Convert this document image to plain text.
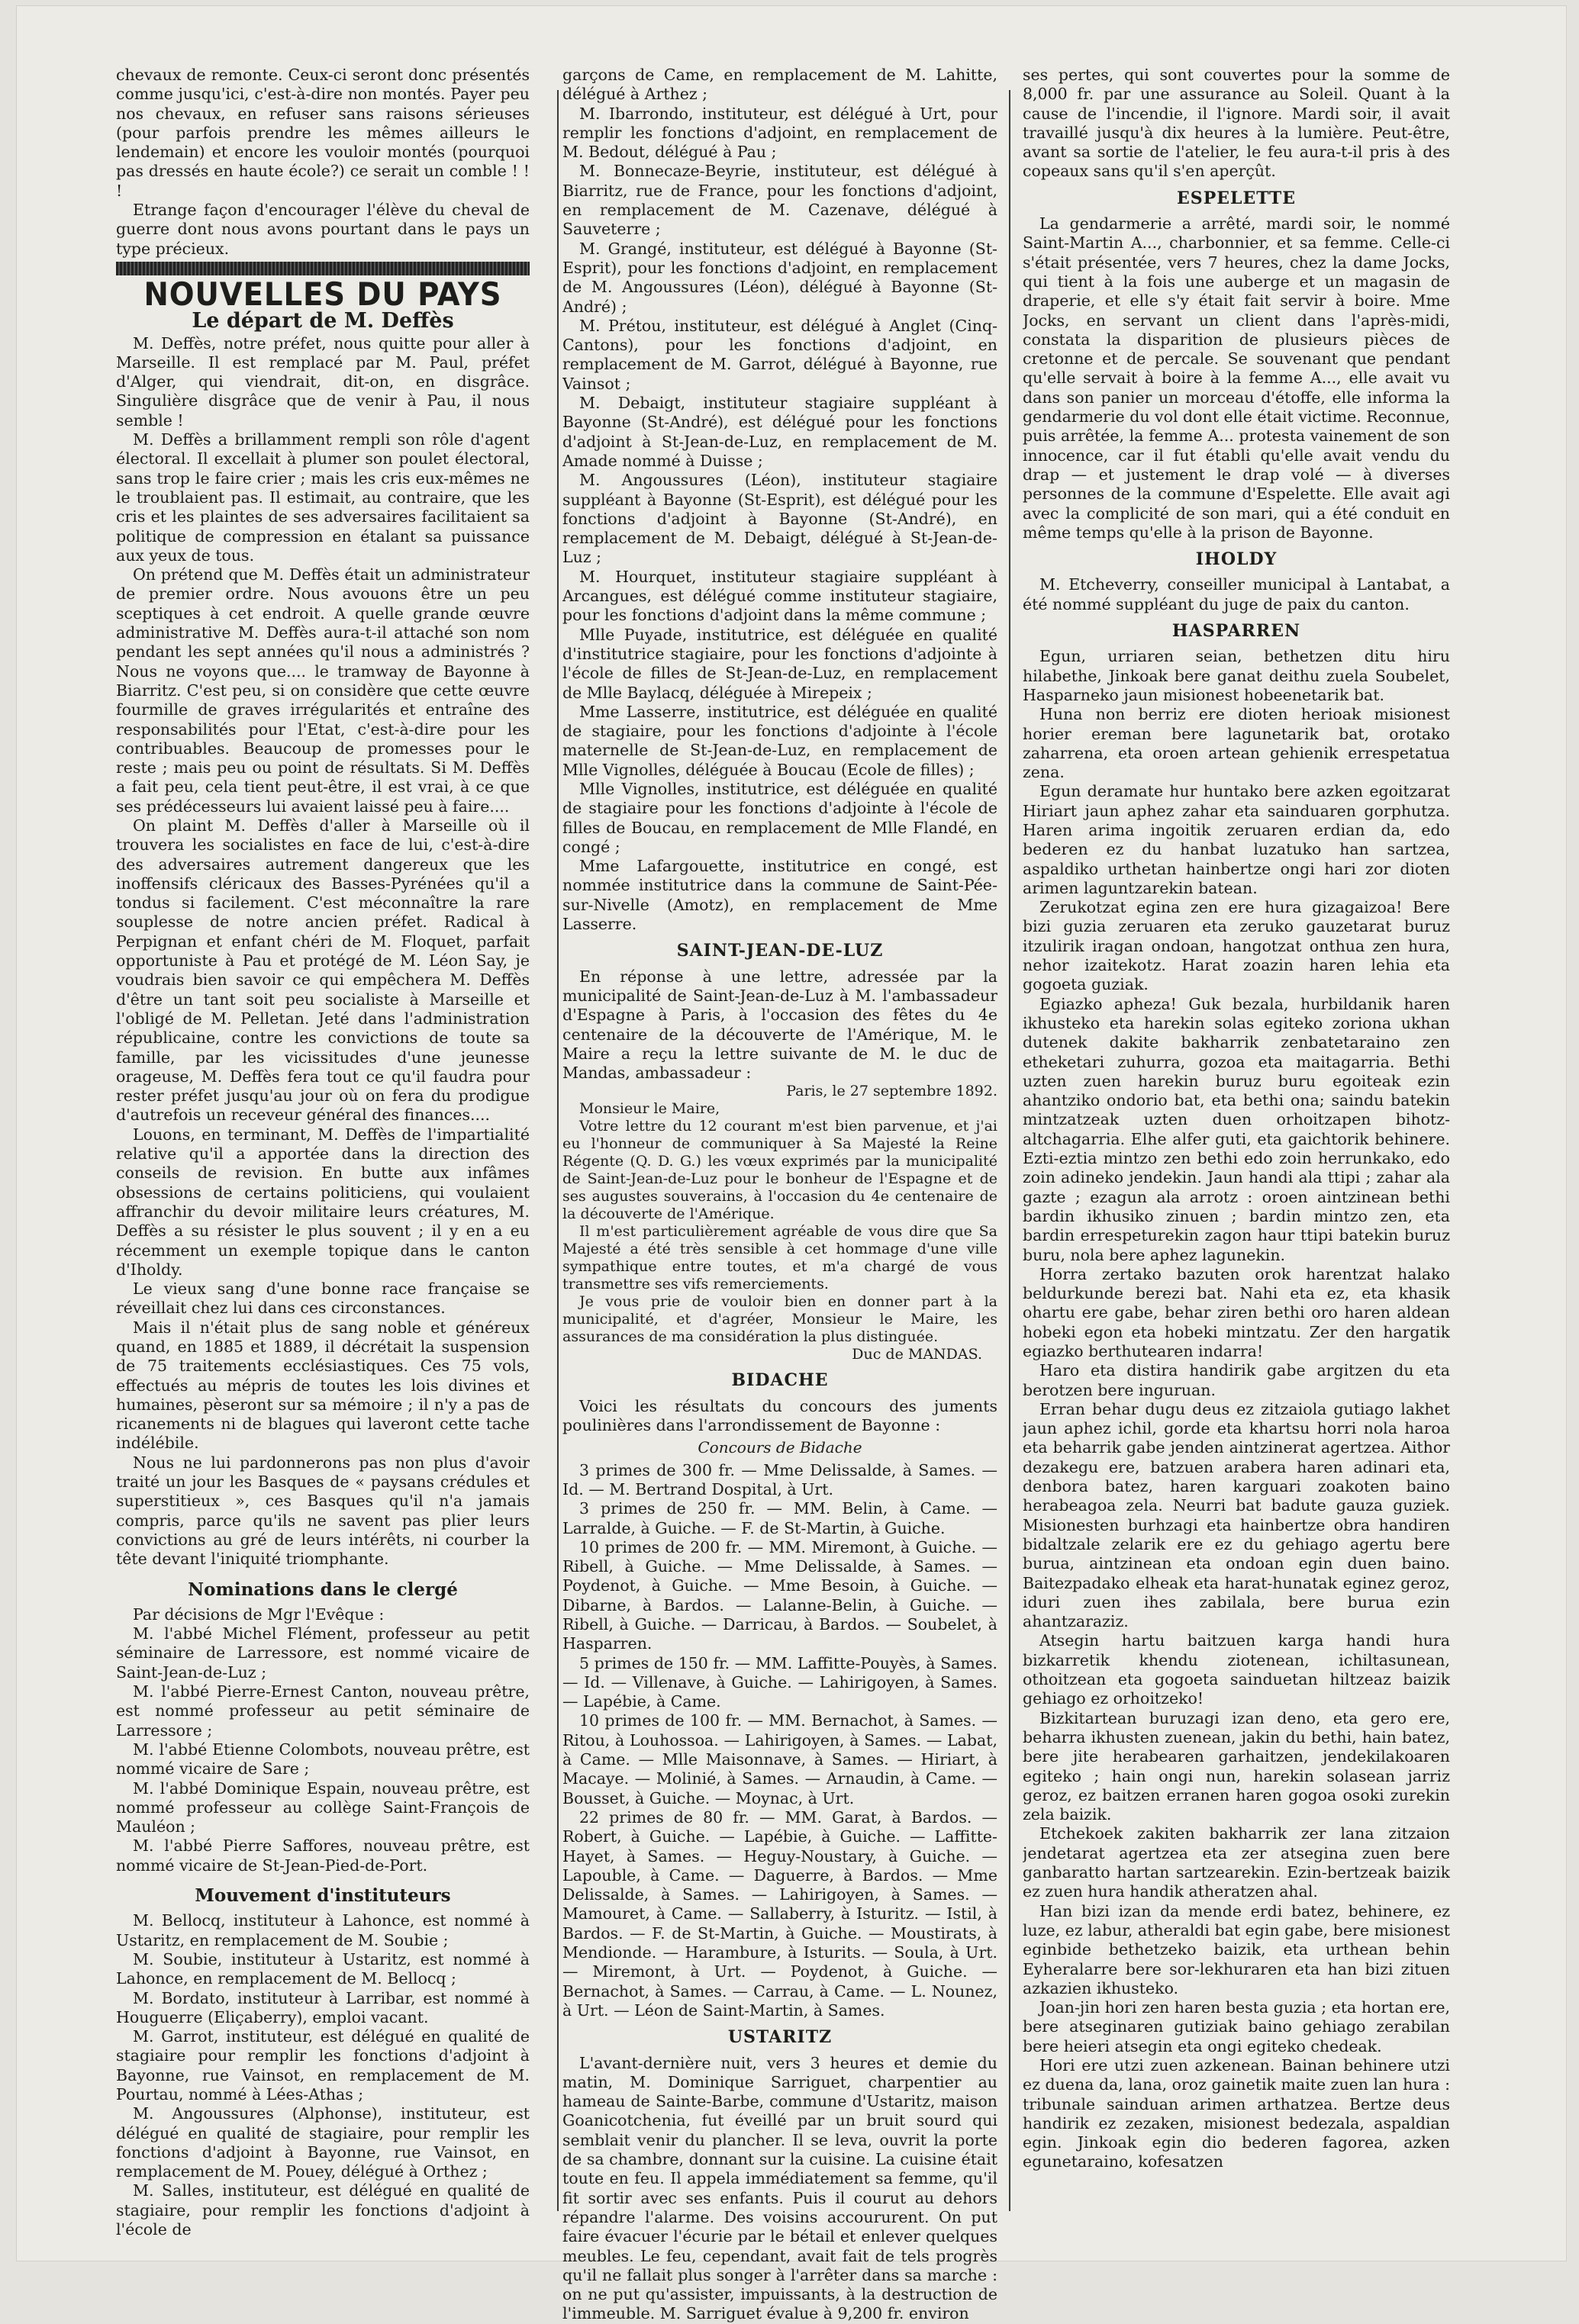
chevaux de remonte. Ceux-ci seront donc présentés comme jusqu'ici, c'est-à-dire non montés. Payer peu nos chevaux, en refuser sans raisons sérieuses (pour parfois prendre les mêmes ailleurs le lendemain) et encore les vouloir montés (pourquoi pas dressés en haute école?) ce serait un comble ! ! !

Etrange façon d'encourager l'élève du cheval de guerre dont nous avons pourtant dans le pays un type précieux.

NOUVELLES DU PAYS
Le départ de M. Deffès

M. Deffès, notre préfet, nous quitte pour aller à Marseille. Il est remplacé par M. Paul, préfet d'Alger, qui viendrait, dit-on, en disgrâce. Singulière disgrâce que de venir à Pau, il nous semble !

M. Deffès a brillamment rempli son rôle d'agent électoral. Il excellait à plumer son poulet électoral, sans trop le faire crier ; mais les cris eux-mêmes ne le troublaient pas. Il estimait, au contraire, que les cris et les plaintes de ses adversaires facilitaient sa politique de compression en étalant sa puissance aux yeux de tous.

On prétend que M. Deffès était un administrateur de premier ordre. Nous avouons être un peu sceptiques à cet endroit. A quelle grande œuvre administrative M. Deffès aura-t-il attaché son nom pendant les sept années qu'il nous a administrés ? Nous ne voyons que.... le tramway de Bayonne à Biarritz. C'est peu, si on considère que cette œuvre fourmille de graves irrégularités et entraîne des responsabilités pour l'Etat, c'est-à-dire pour les contribuables. Beaucoup de promesses pour le reste ; mais peu ou point de résultats. Si M. Deffès a fait peu, cela tient peut-être, il est vrai, à ce que ses prédécesseurs lui avaient laissé peu à faire....

On plaint M. Deffès d'aller à Marseille où il trouvera les socialistes en face de lui, c'est-à-dire des adversaires autrement dangereux que les inoffensifs cléricaux des Basses-Pyrénées qu'il a tondus si facilement. C'est méconnaître la rare souplesse de notre ancien préfet. Radical à Perpignan et enfant chéri de M. Floquet, parfait opportuniste à Pau et protégé de M. Léon Say, je voudrais bien savoir ce qui empêchera M. Deffès d'être un tant soit peu socialiste à Marseille et l'obligé de M. Pelletan. Jeté dans l'administration républicaine, contre les convictions de toute sa famille, par les vicissitudes d'une jeunesse orageuse, M. Deffès fera tout ce qu'il faudra pour rester préfet jusqu'au jour où on fera du prodigue d'autrefois un receveur général des finances....

Louons, en terminant, M. Deffès de l'impartialité relative qu'il a apportée dans la direction des conseils de revision. En butte aux infâmes obsessions de certains politiciens, qui voulaient affranchir du devoir militaire leurs créatures, M. Deffès a su résister le plus souvent ; il y en a eu récemment un exemple topique dans le canton d'Iholdy.

Le vieux sang d'une bonne race française se réveillait chez lui dans ces circonstances.

Mais il n'était plus de sang noble et généreux quand, en 1885 et 1889, il décrétait la suspension de 75 traitements ecclésiastiques. Ces 75 vols, effectués au mépris de toutes les lois divines et humaines, pèseront sur sa mémoire ; il n'y a pas de ricanements ni de blagues qui laveront cette tache indélébile.

Nous ne lui pardonnerons pas non plus d'avoir traité un jour les Basques de « paysans crédules et superstitieux », ces Basques qu'il n'a jamais compris, parce qu'ils ne savent pas plier leurs convictions au gré de leurs intérêts, ni courber la tête devant l'iniquité triomphante.

Nominations dans le clergé

Par décisions de Mgr l'Evêque :

M. l'abbé Michel Flément, professeur au petit séminaire de Larressore, est nommé vicaire de Saint-Jean-de-Luz ;

M. l'abbé Pierre-Ernest Canton, nouveau prêtre, est nommé professeur au petit séminaire de Larressore ;

M. l'abbé Etienne Colombots, nouveau prêtre, est nommé vicaire de Sare ;

M. l'abbé Dominique Espain, nouveau prêtre, est nommé professeur au collège Saint-François de Mauléon ;

M. l'abbé Pierre Saffores, nouveau prêtre, est nommé vicaire de St-Jean-Pied-de-Port.

Mouvement d'instituteurs

M. Bellocq, instituteur à Lahonce, est nommé à Ustaritz, en remplacement de M. Soubie ;

M. Soubie, instituteur à Ustaritz, est nommé à Lahonce, en remplacement de M. Bellocq ;

M. Bordato, instituteur à Larribar, est nommé à Houguerre (Eliçaberry), emploi vacant.

M. Garrot, instituteur, est délégué en qualité de stagiaire pour remplir les fonctions d'adjoint à Bayonne, rue Vainsot, en remplacement de M. Pourtau, nommé à Lées-Athas ;

M. Angoussures (Alphonse), instituteur, est délégué en qualité de stagiaire, pour remplir les fonctions d'adjoint à Bayonne, rue Vainsot, en remplacement de M. Pouey, délégué à Orthez ;

M. Salles, instituteur, est délégué en qualité de stagiaire, pour remplir les fonctions d'adjoint à l'école de

garçons de Came, en remplacement de M. Lahitte, délégué à Arthez ;

M. Ibarrondo, instituteur, est délégué à Urt, pour remplir les fonctions d'adjoint, en remplacement de M. Bedout, délégué à Pau ;

M. Bonnecaze-Beyrie, instituteur, est délégué à Biarritz, rue de France, pour les fonctions d'adjoint, en remplacement de M. Cazenave, délégué à Sauveterre ;

M. Grangé, instituteur, est délégué à Bayonne (St-Esprit), pour les fonctions d'adjoint, en remplacement de M. Angoussures (Léon), délégué à Bayonne (St-André) ;

M. Prétou, instituteur, est délégué à Anglet (Cinq-Cantons), pour les fonctions d'adjoint, en remplacement de M. Garrot, délégué à Bayonne, rue Vainsot ;

M. Debaigt, instituteur stagiaire suppléant à Bayonne (St-André), est délégué pour les fonctions d'adjoint à St-Jean-de-Luz, en remplacement de M. Amade nommé à Duisse ;

M. Angoussures (Léon), instituteur stagiaire suppléant à Bayonne (St-Esprit), est délégué pour les fonctions d'adjoint à Bayonne (St-André), en remplacement de M. Debaigt, délégué à St-Jean-de-Luz ;

M. Hourquet, instituteur stagiaire suppléant à Arcangues, est délégué comme instituteur stagiaire, pour les fonctions d'adjoint dans la même commune ;

Mlle Puyade, institutrice, est déléguée en qualité d'institutrice stagiaire, pour les fonctions d'adjointe à l'école de filles de St-Jean-de-Luz, en remplacement de Mlle Baylacq, déléguée à Mirepeix ;

Mme Lasserre, institutrice, est déléguée en qualité de stagiaire, pour les fonctions d'adjointe à l'école maternelle de St-Jean-de-Luz, en remplacement de Mlle Vignolles, déléguée à Boucau (Ecole de filles) ;

Mlle Vignolles, institutrice, est déléguée en qualité de stagiaire pour les fonctions d'adjointe à l'école de filles de Boucau, en remplacement de Mlle Flandé, en congé ;

Mme Lafargouette, institutrice en congé, est nommée institutrice dans la commune de Saint-Pée-sur-Nivelle (Amotz), en remplacement de Mme Lasserre.

SAINT-JEAN-DE-LUZ

En réponse à une lettre, adressée par la municipalité de Saint-Jean-de-Luz à M. l'ambassadeur d'Espagne à Paris, à l'occasion des fêtes du 4e centenaire de la découverte de l'Amérique, M. le Maire a reçu la lettre suivante de M. le duc de Mandas, ambassadeur :

Paris, le 27 septembre 1892.

Monsieur le Maire,

Votre lettre du 12 courant m'est bien parvenue, et j'ai eu l'honneur de communiquer à Sa Majesté la Reine Régente (Q. D. G.) les vœux exprimés par la municipalité de Saint-Jean-de-Luz pour le bonheur de l'Espagne et de ses augustes souverains, à l'occasion du 4e centenaire de la découverte de l'Amérique.

Il m'est particulièrement agréable de vous dire que Sa Majesté a été très sensible à cet hommage d'une ville sympathique entre toutes, et m'a chargé de vous transmettre ses vifs remerciements.

Je vous prie de vouloir bien en donner part à la municipalité, et d'agréer, Monsieur le Maire, les assurances de ma considération la plus distinguée.

Duc de MANDAS.

BIDACHE

Voici les résultats du concours des juments poulinières dans l'arrondissement de Bayonne :

Concours de Bidache

3 primes de 300 fr. — Mme Delissalde, à Sames. — Id. — M. Bertrand Dospital, à Urt.

3 primes de 250 fr. — MM. Belin, à Came. — Larralde, à Guiche. — F. de St-Martin, à Guiche.

10 primes de 200 fr. — MM. Miremont, à Guiche. — Ribell, à Guiche. — Mme Delissalde, à Sames. — Poydenot, à Guiche. — Mme Besoin, à Guiche. — Dibarne, à Bardos. — Lalanne-Belin, à Guiche. — Ribell, à Guiche. — Darricau, à Bardos. — Soubelet, à Hasparren.

5 primes de 150 fr. — MM. Laffitte-Pouyès, à Sames. — Id. — Villenave, à Guiche. — Lahirigoyen, à Sames. — Lapébie, à Came.

10 primes de 100 fr. — MM. Bernachot, à Sames. — Ritou, à Louhossoa. — Lahirigoyen, à Sames. — Labat, à Came. — Mlle Maisonnave, à Sames. — Hiriart, à Macaye. — Molinié, à Sames. — Arnaudin, à Came. — Bousset, à Guiche. — Moynac, à Urt.

22 primes de 80 fr. — MM. Garat, à Bardos. — Robert, à Guiche. — Lapébie, à Guiche. — Laffitte-Hayet, à Sames. — Heguy-Noustary, à Guiche. — Lapouble, à Came. — Daguerre, à Bardos. — Mme Delissalde, à Sames. — Lahirigoyen, à Sames. — Mamouret, à Came. — Sallaberry, à Isturitz. — Istil, à Bardos. — F. de St-Martin, à Guiche. — Moustirats, à Mendionde. — Harambure, à Isturits. — Soula, à Urt. — Miremont, à Urt. — Poydenot, à Guiche. — Bernachot, à Sames. — Carrau, à Came. — L. Nounez, à Urt. — Léon de Saint-Martin, à Sames.

USTARITZ

L'avant-dernière nuit, vers 3 heures et demie du matin, M. Dominique Sarriguet, charpentier au hameau de Sainte-Barbe, commune d'Ustaritz, maison Goanicotchenia, fut éveillé par un bruit sourd qui semblait venir du plancher. Il se leva, ouvrit la porte de sa chambre, donnant sur la cuisine. La cuisine était toute en feu. Il appela immédiatement sa femme, qu'il fit sortir avec ses enfants. Puis il courut au dehors répandre l'alarme. Des voisins accoururent. On put faire évacuer l'écurie par le bétail et enlever quelques meubles. Le feu, cependant, avait fait de tels progrès qu'il ne fallait plus songer à l'arrêter dans sa marche : on ne put qu'assister, impuissants, à la destruction de l'immeuble. M. Sarriguet évalue à 9,200 fr. environ

ses pertes, qui sont couvertes pour la somme de 8,000 fr. par une assurance au Soleil. Quant à la cause de l'incendie, il l'ignore. Mardi soir, il avait travaillé jusqu'à dix heures à la lumière. Peut-être, avant sa sortie de l'atelier, le feu aura-t-il pris à des copeaux sans qu'il s'en aperçût.

ESPELETTE

La gendarmerie a arrêté, mardi soir, le nommé Saint-Martin A..., charbonnier, et sa femme. Celle-ci s'était présentée, vers 7 heures, chez la dame Jocks, qui tient à la fois une auberge et un magasin de draperie, et elle s'y était fait servir à boire. Mme Jocks, en servant un client dans l'après-midi, constata la disparition de plusieurs pièces de cretonne et de percale. Se souvenant que pendant qu'elle servait à boire à la femme A..., elle avait vu dans son panier un morceau d'étoffe, elle informa la gendarmerie du vol dont elle était victime. Reconnue, puis arrêtée, la femme A... protesta vainement de son innocence, car il fut établi qu'elle avait vendu du drap — et justement le drap volé — à diverses personnes de la commune d'Espelette. Elle avait agi avec la complicité de son mari, qui a été conduit en même temps qu'elle à la prison de Bayonne.

IHOLDY

M. Etcheverry, conseiller municipal à Lantabat, a été nommé suppléant du juge de paix du canton.

HASPARREN

Egun, urriaren seian, bethetzen ditu hiru hilabethe, Jinkoak bere ganat deithu zuela Soubelet, Hasparneko jaun misionest hobeenetarik bat.

Huna non berriz ere dioten herioak misionest horier ereman bere lagunetarik bat, orotako zaharrena, eta oroen artean gehienik errespetatua zena.

Egun deramate hur huntako bere azken egoitzarat Hiriart jaun aphez zahar eta sainduaren gorphutza. Haren arima ingoitik zeruaren erdian da, edo bederen ez du hanbat luzatuko han sartzea, aspaldiko urthetan hainbertze ongi hari zor dioten arimen laguntzarekin batean.

Zerukotzat egina zen ere hura gizagaizoa! Bere bizi guzia zeruaren eta zeruko gauzetarat buruz itzulirik iragan ondoan, hangotzat onthua zen hura, nehor izaitekotz. Harat zoazin haren lehia eta gogoeta guziak.

Egiazko apheza! Guk bezala, hurbildanik haren ikhusteko eta harekin solas egiteko zoriona ukhan dutenek dakite bakharrik zenbatetaraino zen etheketari zuhurra, gozoa eta maitagarria. Bethi uzten zuen harekin buruz buru egoiteak ezin ahantziko ondorio bat, eta bethi ona; saindu batekin mintzatzeak uzten duen orhoitzapen bihotz-altchagarria. Elhe alfer guti, eta gaichtorik behinere. Ezti-eztia mintzo zen bethi edo zoin herrunkako, edo zoin adineko jendekin. Jaun handi ala ttipi ; zahar ala gazte ; ezagun ala arrotz : oroen aintzinean bethi bardin ikhusiko zinuen ; bardin mintzo zen, eta bardin errespeturekin zagon haur ttipi batekin buruz buru, nola bere aphez lagunekin.

Horra zertako bazuten orok harentzat halako beldurkunde berezi bat. Nahi eta ez, eta khasik ohartu ere gabe, behar ziren bethi oro haren aldean hobeki egon eta hobeki mintzatu. Zer den hargatik egiazko berthutearen indarra!

Haro eta distira handirik gabe argitzen du eta berotzen bere inguruan.

Erran behar dugu deus ez zitzaiola gutiago lakhet jaun aphez ichil, gorde eta khartsu horri nola haroa eta beharrik gabe jenden aintzinerat agertzea. Aithor dezakegu ere, batzuen arabera haren adinari eta, denbora batez, haren karguari zoakoten baino herabeagoa zela. Neurri bat badute gauza guziek. Misionesten burhzagi eta hainbertze obra handiren bidaltzale zelarik ere ez du gehiago agertu bere burua, aintzinean eta ondoan egin duen baino. Baitezpadako elheak eta harat-hunatak eginez geroz, iduri zuen ihes zabilala, bere burua ezin ahantzaraziz.

Atsegin hartu baitzuen karga handi hura bizkarretik khendu ziotenean, ichiltasunean, othoitzean eta gogoeta sainduetan hiltzeaz baizik gehiago ez orhoitzeko!

Bizkitartean buruzagi izan deno, eta gero ere, beharra ikhusten zuenean, jakin du bethi, hain batez, bere jite herabearen garhaitzen, jendekilakoaren egiteko ; hain ongi nun, harekin solasean jarriz geroz, ez baitzen erranen haren gogoa osoki zurekin zela baizik.

Etchekoek zakiten bakharrik zer lana zitzaion jendetarat agertzea eta zer atsegina zuen bere ganbaratto hartan sartzearekin. Ezin-bertzeak baizik ez zuen hura handik atheratzen ahal.

Han bizi izan da mende erdi batez, behinere, ez luze, ez labur, atheraldi bat egin gabe, bere misionest eginbide bethetzeko baizik, eta urthean behin Eyheralarre bere sor-lekhuraren eta han bizi zituen azkazien ikhusteko.

Joan-jin hori zen haren besta guzia ; eta hortan ere, bere atseginaren gutiziak baino gehiago zerabilan bere heieri atsegin eta ongi egiteko chedeak.

Hori ere utzi zuen azkenean. Bainan behinere utzi ez duena da, lana, oroz gainetik maite zuen lan hura : tribunale sainduan arimen arthatzea. Bertze deus handirik ez zezaken, misionest bedezala, aspaldian egin. Jinkoak egin dio bederen fagorea, azken egunetaraino, kofesatzen
